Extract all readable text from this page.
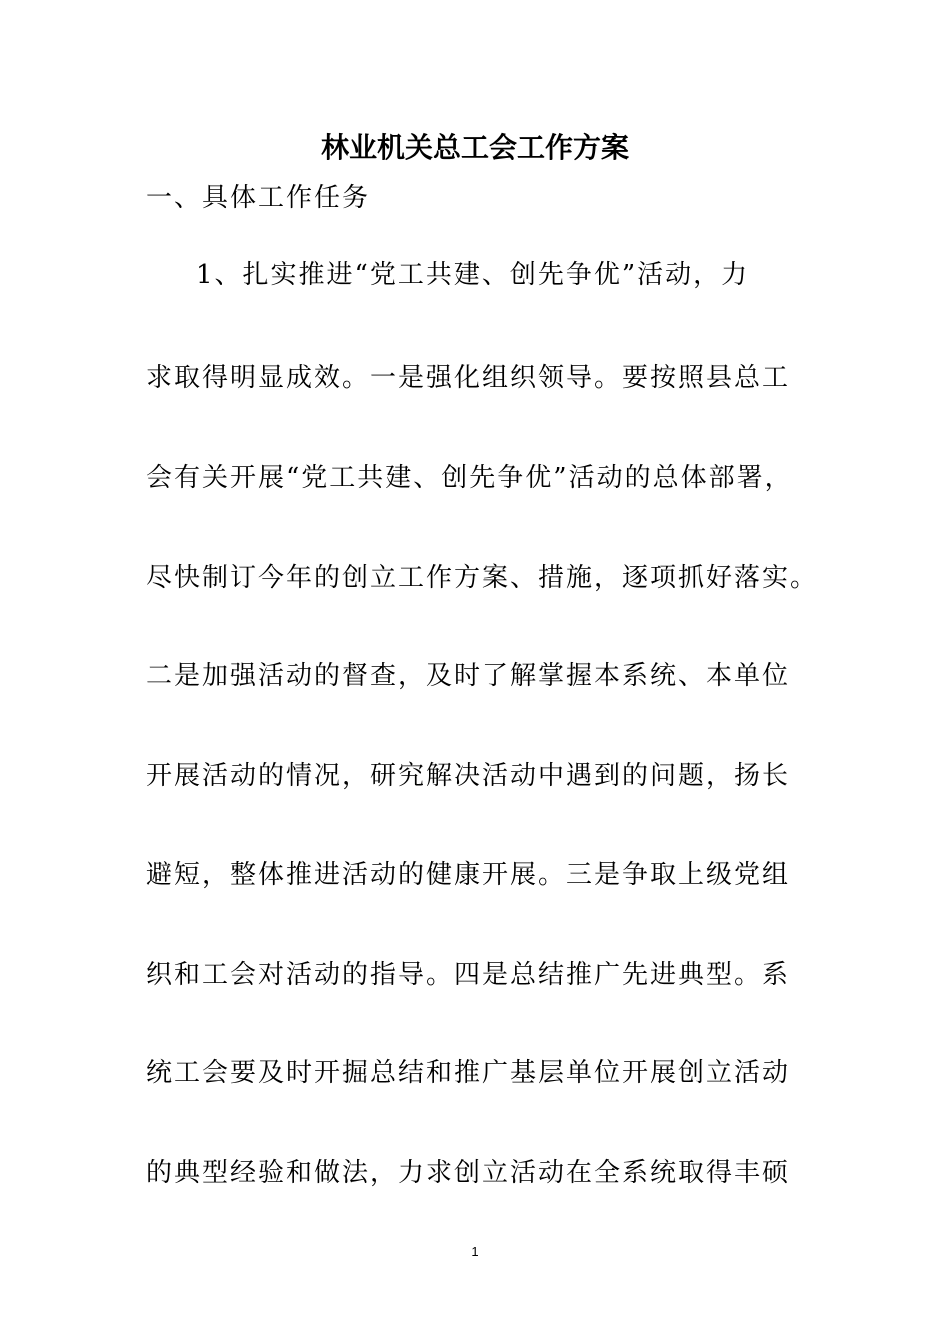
林业机关总工会工作方案
一、具体工作任务
1、扎实推进“党工共建、创先争优”活动，力
求取得明显成效。一是强化组织领导。要按照县总工
会有关开展“党工共建、创先争优”活动的总体部署，
尽快制订今年的创立工作方案、措施，逐项抓好落实。
二是加强活动的督查，及时了解掌握本系统、本单位
开展活动的情况，研究解决活动中遇到的问题，扬长
避短，整体推进活动的健康开展。三是争取上级党组
织和工会对活动的指导。四是总结推广先进典型。系
统工会要及时开掘总结和推广基层单位开展创立活动
的典型经验和做法，力求创立活动在全系统取得丰硕
1
